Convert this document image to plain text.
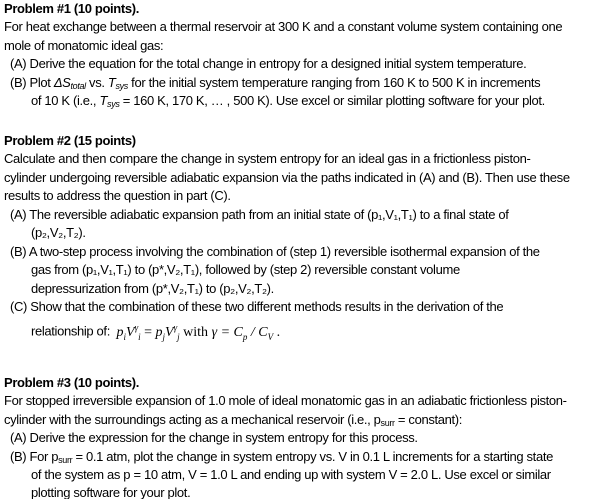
Problem #1 (10 points).
For heat exchange between a thermal reservoir at 300 K and a constant volume system containing one
mole of monatomic ideal gas:
(A) Derive the equation for the total change in entropy for a designed initial system temperature.
(B) Plot $\Delta S_{total}$ vs. $T_{sys}$ for the initial system temperature ranging from 160 K to 500 K in increments
of 10 K (i.e., $T_{sys} = 160$ K, 170 K, … , 500 K). Use excel or similar plotting software for your plot.
Problem #2 (15 points)
Calculate and then compare the change in system entropy for an ideal gas in a frictionless piston-
cylinder undergoing reversible adiabatic expansion via the paths indicated in (A) and (B). Then use these
results to address the question in part (C).
(A) The reversible adiabatic expansion path from an initial state of (p₁,V₁,T₁) to a final state of
(p₂,V₂,T₂).
(B) A two-step process involving the combination of (step 1) reversible isothermal expansion of the
gas from (p₁,V₁,T₁) to (p*,V₂,T₁), followed by (step 2) reversible constant volume
depressurization from (p*,V₂,T₁) to (p₂,V₂,T₂).
(C) Show that the combination of these two different methods results in the derivation of the
relationship of: $p_iV^\gamma_i = p_jV^\gamma_j$ with $\gamma = C_p / C_V$ .
Problem #3 (10 points).
For stopped irreversible expansion of 1.0 mole of ideal monatomic gas in an adiabatic frictionless piston-
cylinder with the surroundings acting as a mechanical reservoir (i.e., $p_{surr}$ = constant):
(A) Derive the expression for the change in system entropy for this process.
(B) For $p_{surr} = 0.1$ atm, plot the change in system entropy vs. V in 0.1 L increments for a starting state
of the system as p = 10 atm, V = 1.0 L and ending up with system V = 2.0 L. Use excel or similar
plotting software for your plot.
